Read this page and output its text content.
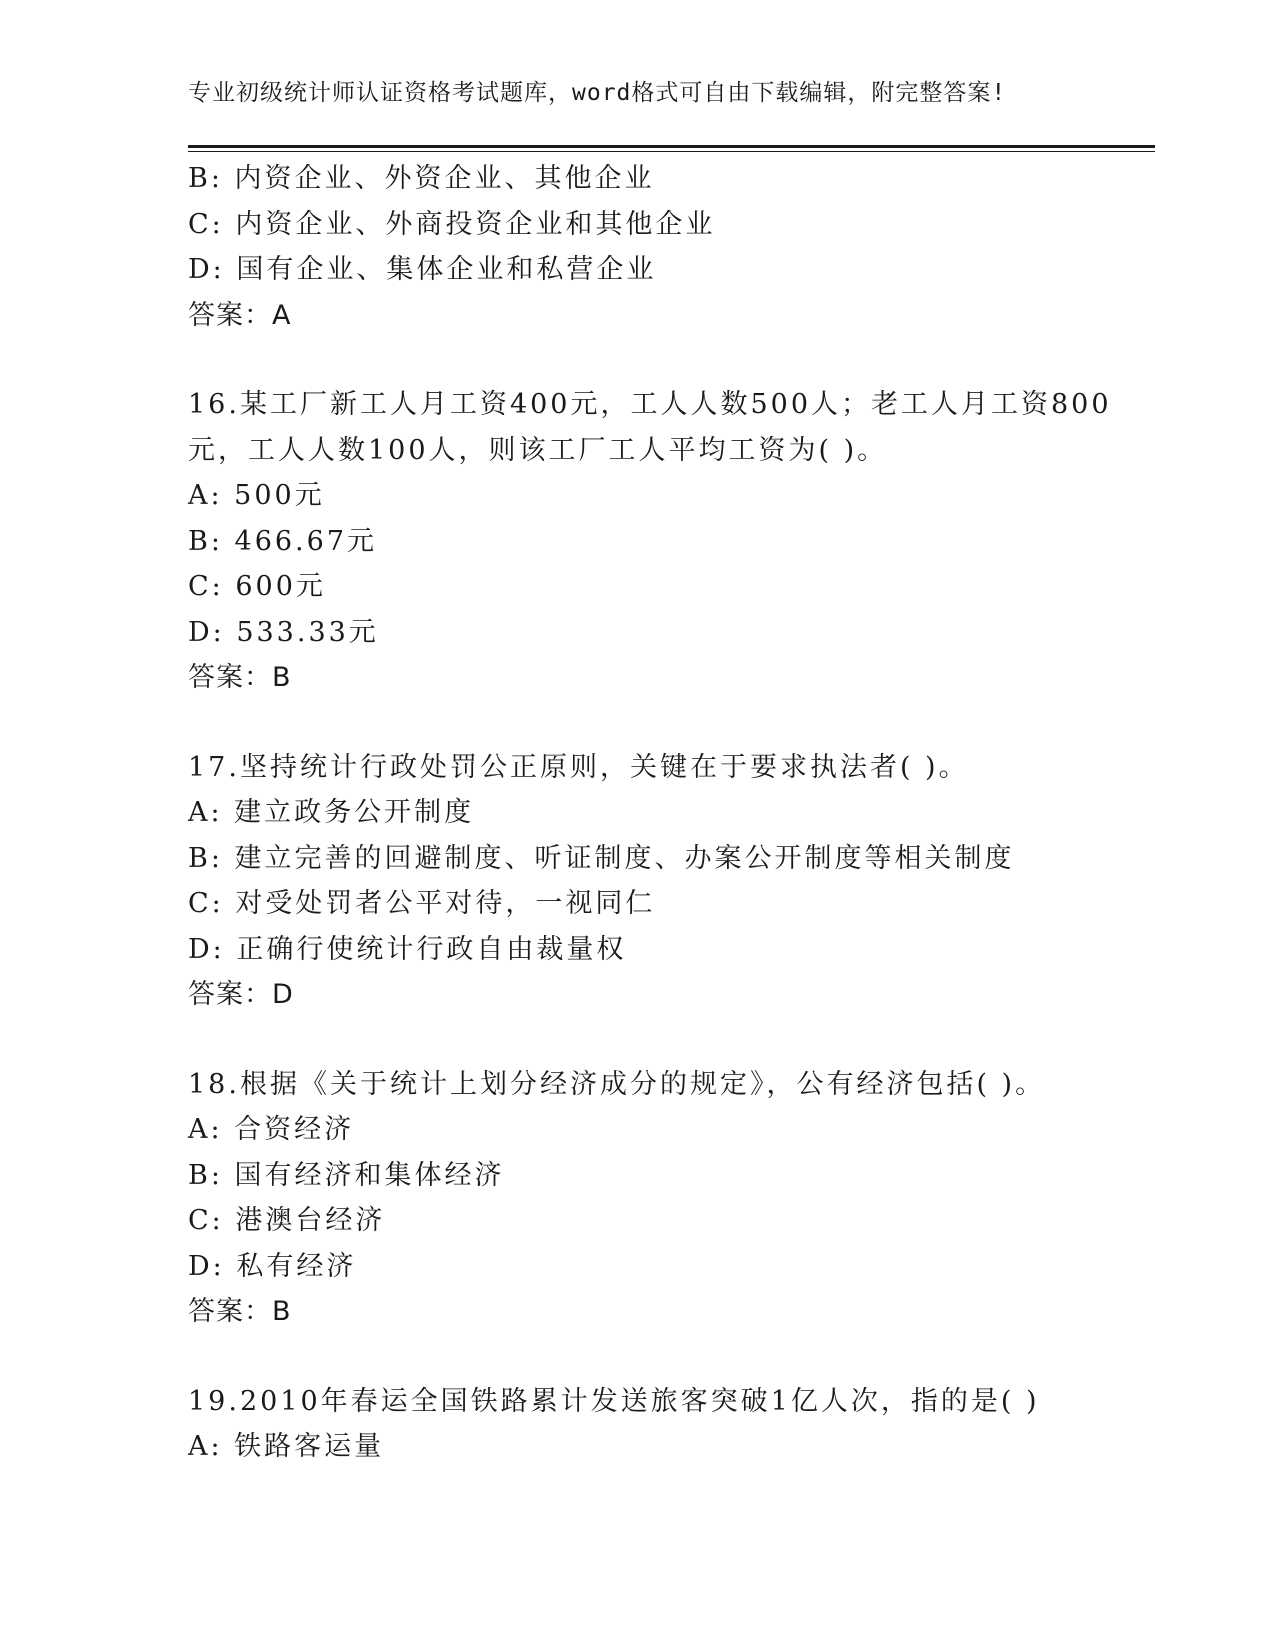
专业初级统计师认证资格考试题库，word格式可自由下载编辑，附完整答案!
B: 内资企业、外资企业、其他企业
C: 内资企业、外商投资企业和其他企业
D: 国有企业、集体企业和私营企业
答案：A
16.某工厂新工人月工资400元，工人人数500人；老工人月工资800
元，工人人数100人，则该工厂工人平均工资为( )。
A: 500元
B: 466.67元
C: 600元
D: 533.33元
答案：B
17.坚持统计行政处罚公正原则，关键在于要求执法者( )。
A: 建立政务公开制度
B: 建立完善的回避制度、听证制度、办案公开制度等相关制度
C: 对受处罚者公平对待，一视同仁
D: 正确行使统计行政自由裁量权
答案：D
18.根据《关于统计上划分经济成分的规定》，公有经济包括( )。
A: 合资经济
B: 国有经济和集体经济
C: 港澳台经济
D: 私有经济
答案：B
19.2010年春运全国铁路累计发送旅客突破1亿人次，指的是( )
A: 铁路客运量
